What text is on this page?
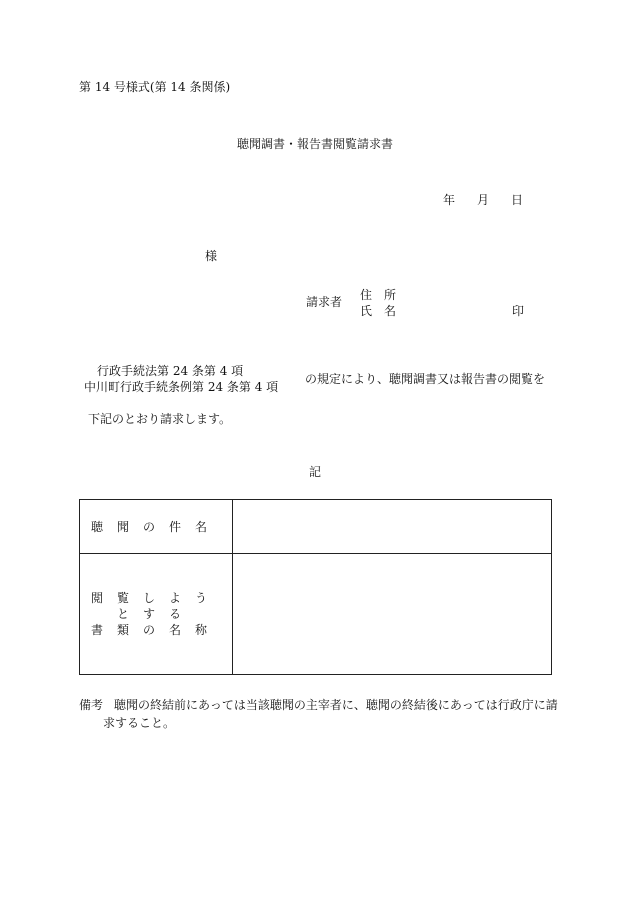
第 14 号様式(第 14 条関係)
聴聞調書・報告書閲覧請求書
年 月 日
様
請求者 住所
氏名	印
行政手続法第 24 条第 4 項
中川町行政手続条例第 24 条第 4 項
の規定により、聴聞調書又は報告書の閲覧を
下記のとおり請求します。
記
聴聞の件名	

閲覧しようとする
書類の名称	

備考 聴聞の終結前にあっては当該聴聞の主宰者に、聴聞の終結後にあっては行政庁に請
求すること。
